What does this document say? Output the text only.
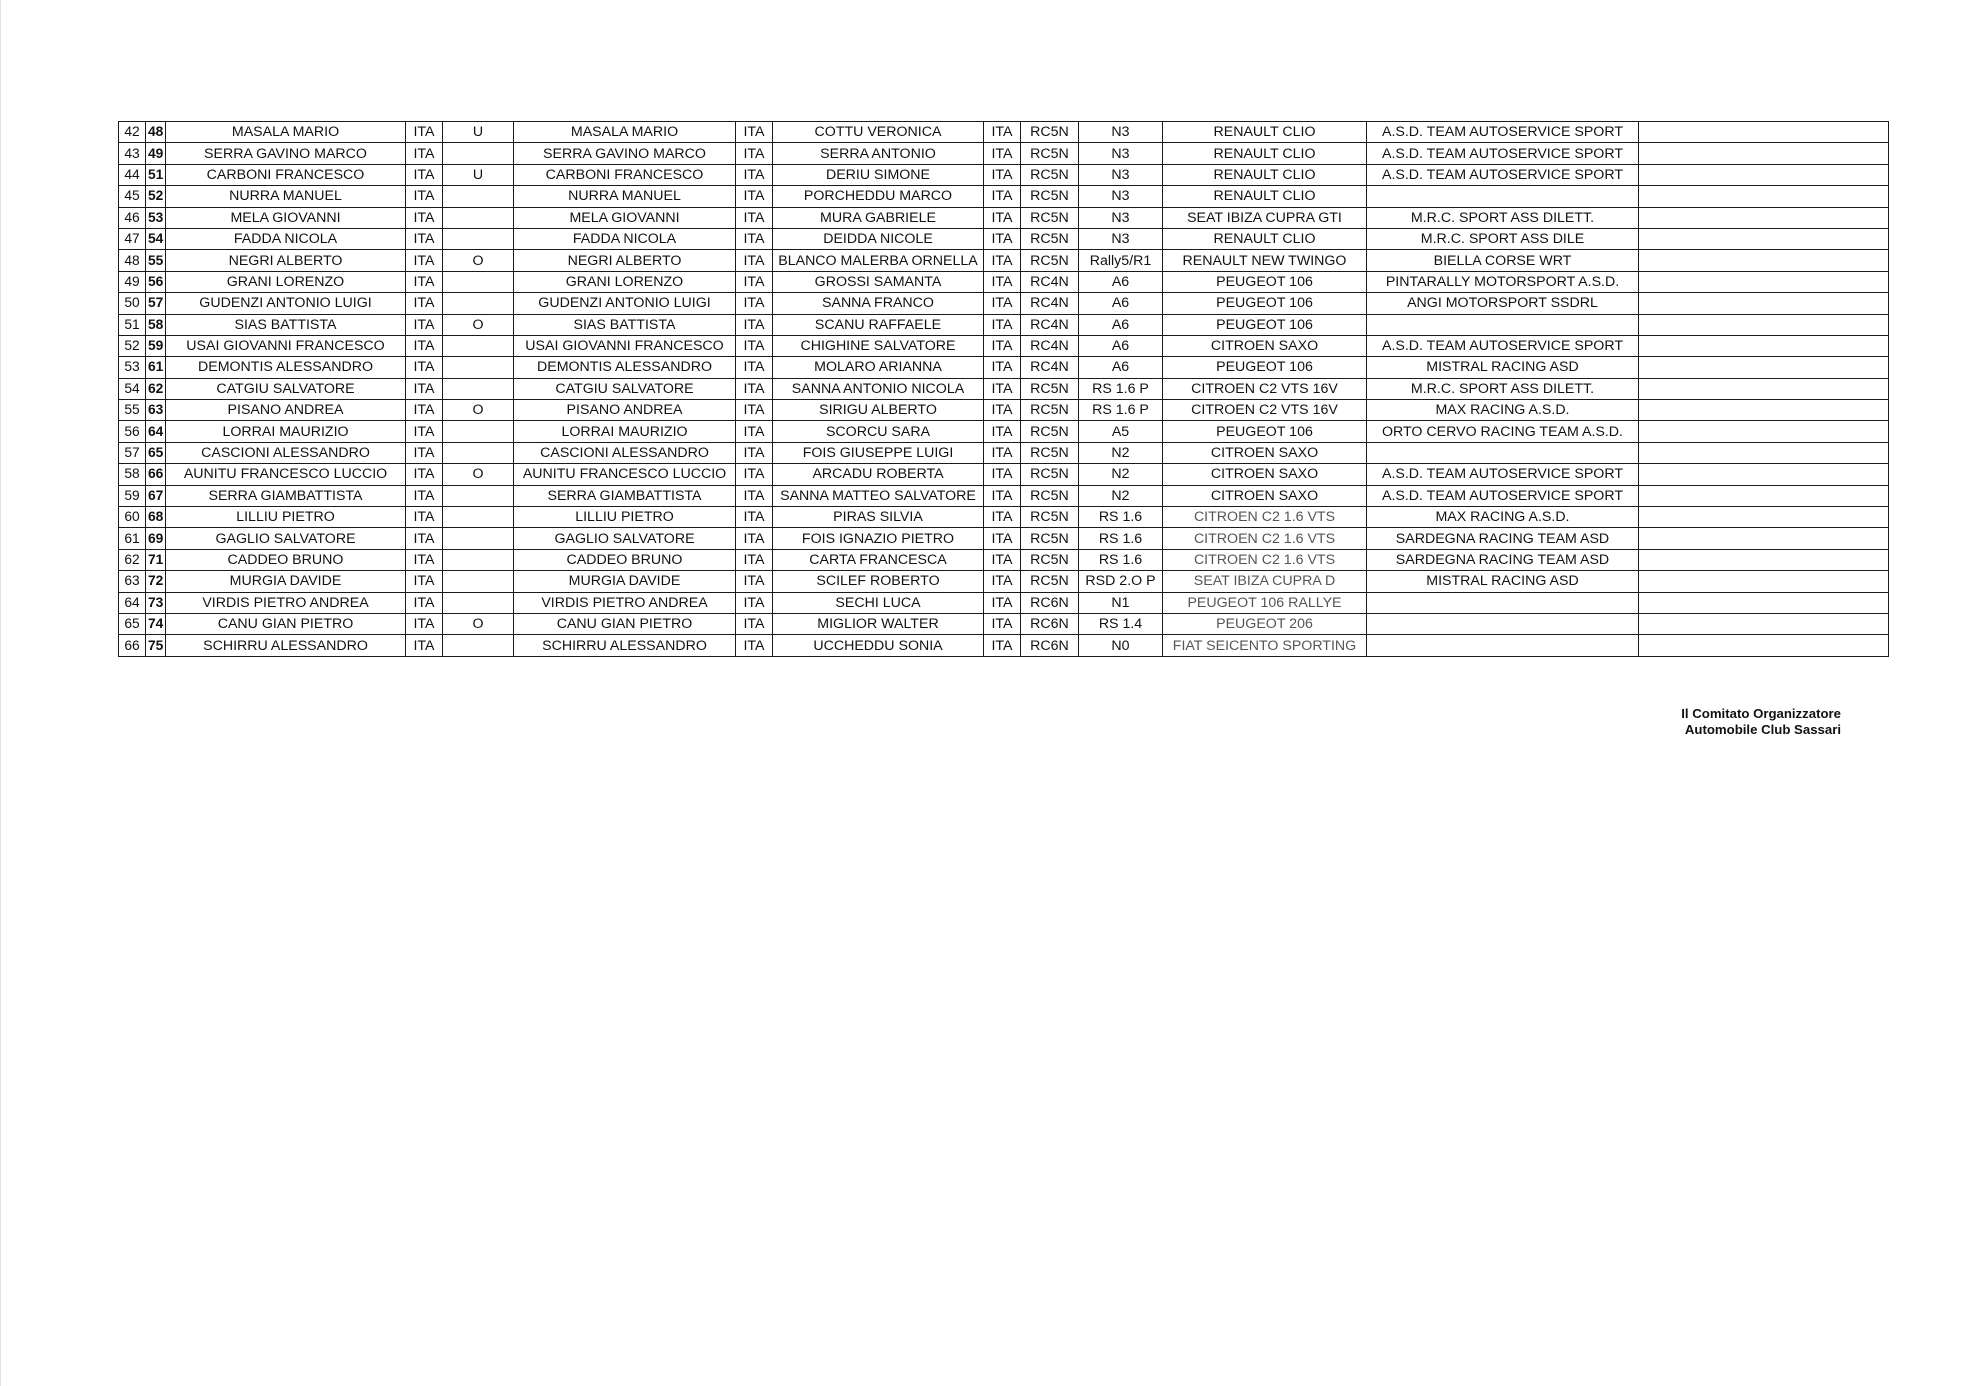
42	48	MASALA MARIO	ITA	U	MASALA MARIO	ITA	COTTU VERONICA	ITA	RC5N	N3	RENAULT CLIO	A.S.D. TEAM AUTOSERVICE SPORT	
43	49	SERRA GAVINO MARCO	ITA		SERRA GAVINO MARCO	ITA	SERRA ANTONIO	ITA	RC5N	N3	RENAULT CLIO	A.S.D. TEAM AUTOSERVICE SPORT	
44	51	CARBONI FRANCESCO	ITA	U	CARBONI FRANCESCO	ITA	DERIU SIMONE	ITA	RC5N	N3	RENAULT CLIO	A.S.D. TEAM AUTOSERVICE SPORT	
45	52	NURRA MANUEL	ITA		NURRA MANUEL	ITA	PORCHEDDU MARCO	ITA	RC5N	N3	RENAULT CLIO		
46	53	MELA GIOVANNI	ITA		MELA GIOVANNI	ITA	MURA GABRIELE	ITA	RC5N	N3	SEAT IBIZA CUPRA GTI	M.R.C. SPORT ASS DILETT.	
47	54	FADDA NICOLA	ITA		FADDA NICOLA	ITA	DEIDDA NICOLE	ITA	RC5N	N3	RENAULT CLIO	M.R.C. SPORT ASS DILE	
48	55	NEGRI ALBERTO	ITA	O	NEGRI ALBERTO	ITA	BLANCO MALERBA ORNELLA	ITA	RC5N	Rally5/R1	RENAULT NEW TWINGO	BIELLA CORSE WRT	
49	56	GRANI LORENZO	ITA		GRANI LORENZO	ITA	GROSSI SAMANTA	ITA	RC4N	A6	PEUGEOT 106	PINTARALLY MOTORSPORT A.S.D.	
50	57	GUDENZI ANTONIO LUIGI	ITA		GUDENZI ANTONIO LUIGI	ITA	SANNA FRANCO	ITA	RC4N	A6	PEUGEOT 106	ANGI MOTORSPORT SSDRL	
51	58	SIAS BATTISTA	ITA	O	SIAS BATTISTA	ITA	SCANU RAFFAELE	ITA	RC4N	A6	PEUGEOT 106		
52	59	USAI GIOVANNI FRANCESCO	ITA		USAI GIOVANNI FRANCESCO	ITA	CHIGHINE SALVATORE	ITA	RC4N	A6	CITROEN SAXO	A.S.D. TEAM AUTOSERVICE SPORT	
53	61	DEMONTIS ALESSANDRO	ITA		DEMONTIS ALESSANDRO	ITA	MOLARO ARIANNA	ITA	RC4N	A6	PEUGEOT 106	MISTRAL RACING ASD	
54	62	CATGIU SALVATORE	ITA		CATGIU SALVATORE	ITA	SANNA ANTONIO NICOLA	ITA	RC5N	RS 1.6 P	CITROEN C2 VTS 16V	M.R.C. SPORT ASS DILETT.	
55	63	PISANO ANDREA	ITA	O	PISANO ANDREA	ITA	SIRIGU ALBERTO	ITA	RC5N	RS 1.6 P	CITROEN C2 VTS 16V	MAX RACING A.S.D.	
56	64	LORRAI MAURIZIO	ITA		LORRAI MAURIZIO	ITA	SCORCU SARA	ITA	RC5N	A5	PEUGEOT 106	ORTO CERVO RACING TEAM A.S.D.	
57	65	CASCIONI ALESSANDRO	ITA		CASCIONI ALESSANDRO	ITA	FOIS GIUSEPPE LUIGI	ITA	RC5N	N2	CITROEN SAXO		
58	66	AUNITU FRANCESCO LUCCIO	ITA	O	AUNITU FRANCESCO LUCCIO	ITA	ARCADU ROBERTA	ITA	RC5N	N2	CITROEN SAXO	A.S.D. TEAM AUTOSERVICE SPORT	
59	67	SERRA GIAMBATTISTA	ITA		SERRA GIAMBATTISTA	ITA	SANNA MATTEO SALVATORE	ITA	RC5N	N2	CITROEN SAXO	A.S.D. TEAM AUTOSERVICE SPORT	
60	68	LILLIU PIETRO	ITA		LILLIU PIETRO	ITA	PIRAS SILVIA	ITA	RC5N	RS 1.6	CITROEN C2 1.6 VTS	MAX RACING A.S.D.	
61	69	GAGLIO SALVATORE	ITA		GAGLIO SALVATORE	ITA	FOIS IGNAZIO PIETRO	ITA	RC5N	RS 1.6	CITROEN C2 1.6 VTS	SARDEGNA RACING TEAM ASD	
62	71	CADDEO BRUNO	ITA		CADDEO BRUNO	ITA	CARTA FRANCESCA	ITA	RC5N	RS 1.6	CITROEN C2 1.6 VTS	SARDEGNA RACING TEAM ASD	
63	72	MURGIA DAVIDE	ITA		MURGIA DAVIDE	ITA	SCILEF ROBERTO	ITA	RC5N	RSD 2.O P	SEAT IBIZA CUPRA D	MISTRAL RACING ASD	
64	73	VIRDIS PIETRO ANDREA	ITA		VIRDIS PIETRO ANDREA	ITA	SECHI LUCA	ITA	RC6N	N1	PEUGEOT 106 RALLYE		
65	74	CANU GIAN PIETRO	ITA	O	CANU GIAN PIETRO	ITA	MIGLIOR WALTER	ITA	RC6N	RS 1.4	PEUGEOT 206		
66	75	SCHIRRU ALESSANDRO	ITA		SCHIRRU ALESSANDRO	ITA	UCCHEDDU SONIA	ITA	RC6N	N0	FIAT SEICENTO SPORTING		
Il Comitato Organizzatore
Automobile Club Sassari
